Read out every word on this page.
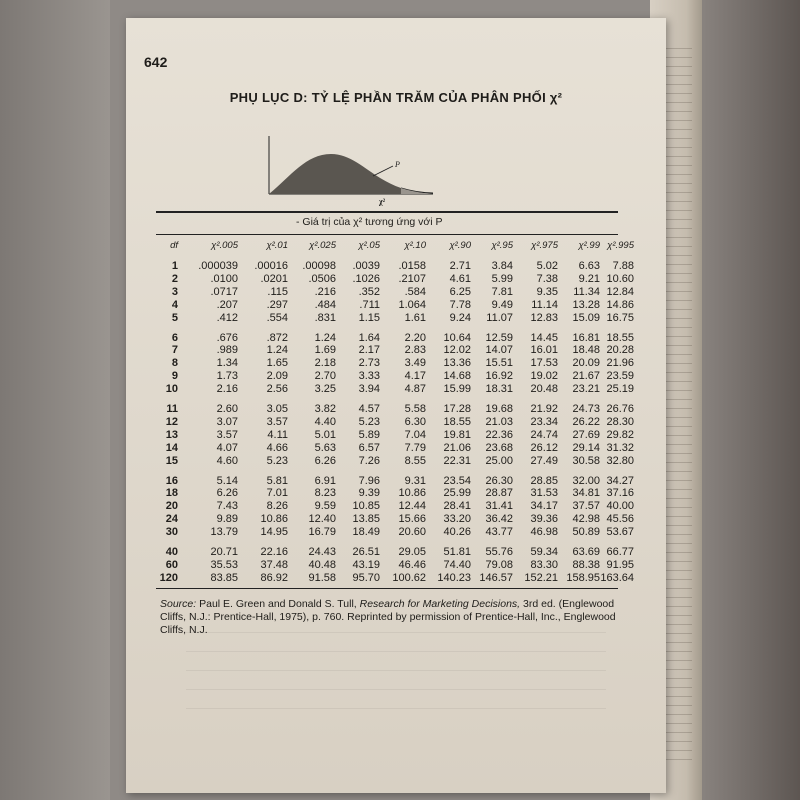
642
PHỤ LỤC D: TỶ LỆ PHẦN TRĂM CỦA PHÂN PHỐI χ²
P
χ²
- Giá trị của χ² tương ứng với P
Source: Paul E. Green and Donald S. Tull, Research for Marketing Decisions, 3rd ed. (Englewood Cliffs, N.J.: Prentice-Hall, 1975), p. 760. Reprinted by permission of Prentice-Hall, Inc., Englewood Cliffs, N.J.
df	χ².005	χ².01	χ².025	χ².05	χ².10	χ².90	χ².95	χ².975	χ².99 χ².995
1	.000039	.00016	.00098	.0039	.0158	2.71	3.84	5.02	6.63	7.88
2	.0100	.0201	.0506	.1026	.2107	4.61	5.99	7.38	9.21 10.60
3	.0717	.115	.216	.352	.584	6.25	7.81	9.35	11.34 12.84
4	.207	.297	.484	.711	1.064	7.78	9.49	11.14	13.28 14.86
5	.412	.554	.831	1.15	1.61	9.24	11.07	12.83	15.09 16.75
6	.676	.872	1.24	1.64	2.20	10.64	12.59	14.45	16.81 18.55
7	.989	1.24	1.69	2.17	2.83	12.02	14.07	16.01	18.48 20.28
8	1.34	1.65	2.18	2.73	3.49	13.36	15.51	17.53	20.09 21.96
9	1.73	2.09	2.70	3.33	4.17	14.68	16.92	19.02	21.67 23.59
10	2.16	2.56	3.25	3.94	4.87	15.99	18.31	20.48	23.21 25.19
11	2.60	3.05	3.82	4.57	5.58	17.28	19.68	21.92	24.73 26.76
12	3.07	3.57	4.40	5.23	6.30	18.55	21.03	23.34	26.22 28.30
13	3.57	4.11	5.01	5.89	7.04	19.81	22.36	24.74	27.69 29.82
14	4.07	4.66	5.63	6.57	7.79	21.06	23.68	26.12	29.14 31.32
15	4.60	5.23	6.26	7.26	8.55	22.31	25.00	27.49	30.58 32.80
16	5.14	5.81	6.91	7.96	9.31	23.54	26.30	28.85	32.00 34.27
18	6.26	7.01	8.23	9.39	10.86	25.99	28.87	31.53	34.81 37.16
20	7.43	8.26	9.59	10.85	12.44	28.41	31.41	34.17	37.57 40.00
24	9.89	10.86	12.40	13.85	15.66	33.20	36.42	39.36	42.98 45.56
30	13.79	14.95	16.79	18.49	20.60	40.26	43.77	46.98	50.89 53.67
40	20.71	22.16	24.43	26.51	29.05	51.81	55.76	59.34	63.69 66.77
60	35.53	37.48	40.48	43.19	46.46	74.40	79.08	83.30	88.38 91.95
120	83.85	86.92	91.58	95.70	100.62	140.23 146.57	152.21 158.95 163.64
